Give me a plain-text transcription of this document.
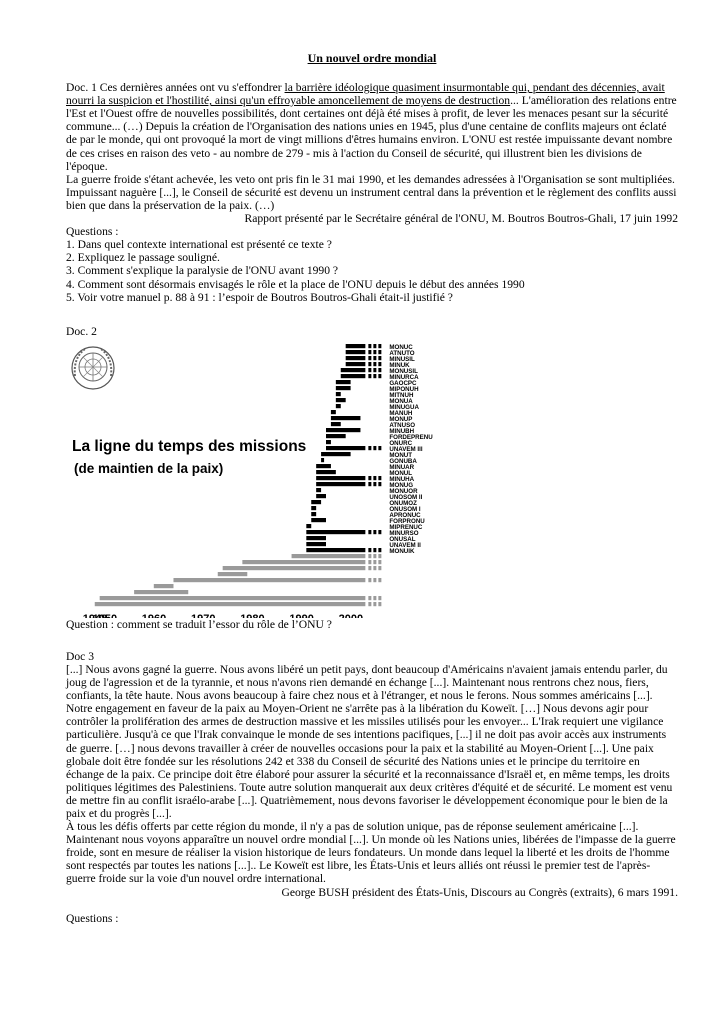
Un nouvel ordre mondial

Doc. 1 Ces dernières années ont vu s'effondrer la barrière idéologique quasiment insurmontable qui, pendant des décennies, avait nourri la suspicion et l'hostilité, ainsi qu'un effroyable amoncellement de moyens de destruction... L'amélioration des relations entre l'Est et l'Ouest offre de nouvelles possibilités, dont certaines ont déjà été mises à profit, de lever les menaces pesant sur la sécurité commune... (…) Depuis la création de l'Organisation des nations unies en 1945, plus d'une centaine de conflits majeurs ont éclaté de par le monde, qui ont provoqué la mort de vingt millions d'êtres humains environ. L'ONU est restée impuissante devant nombre de ces crises en raison des veto - au nombre de 279 - mis à l'action du Conseil de sécurité, qui illustrent bien les divisions de l'époque.

La guerre froide s'étant achevée, les veto ont pris fin le 31 mai 1990, et les demandes adressées à l'Organisation se sont multipliées. Impuissant naguère [...], le Conseil de sécurité est devenu un instrument central dans la prévention et le règlement des conflits aussi bien que dans la préservation de la paix. (…)

Rapport présenté par le Secrétaire général de l'ONU, M. Boutros Boutros-Ghali, 17 juin 1992

Questions :

1. Dans quel contexte international est présenté ce texte ?

2. Expliquez le passage souligné.

3. Comment s'explique la paralysie de l'ONU avant 1990 ?

4. Comment sont désormais envisagés le rôle et la place de l'ONU depuis le début des années 1990

5. Voir votre manuel p. 88 à 91 : l’espoir de Boutros Boutros-Ghali était-il justifié ?

Doc. 2

La ligne du temps des missions
(de maintien de la paix)
MONUC
ATNUTO
MINUSIL
MINUK
MONUSIL
MINURCA
GAOCPC
MIPONUH
MITNUH
MONUA
MINUGUA
MANUH
MONUP
ATNUSO
MINUBH
FORDEPRENU
ONURC
UNAVEM III
MONUT
GONUBA
MINUAR
MONUL
MINUHA
MONUG
MONUOR
UNOSOM II
ONUMOZ
ONUSOM I
APRONUC
FORPRONU
MIPRENUC
MINURSO
ONUSAL
UNAVEM II
MONUIK

Question : comment se traduit l’essor du rôle de l’ONU ?

Doc 3

[...] Nous avons gagné la guerre. Nous avons libéré un petit pays, dont beaucoup d'Américains n'avaient jamais entendu parler, du joug de l'agression et de la tyrannie, et nous n'avons rien demandé en échange [...]. Maintenant nous rentrons chez nous, fiers, confiants, la tête haute. Nous avons beaucoup à faire chez nous et à l'étranger, et nous le ferons. Nous sommes américains [...].

Notre engagement en faveur de la paix au Moyen-Orient ne s'arrête pas à la libération du Koweït. […] Nous devons agir pour contrôler la prolifération des armes de destruction massive et les missiles utilisés pour les envoyer... L'Irak requiert une vigilance particulière. Jusqu'à ce que l'Irak convainque le monde de ses intentions pacifiques, [...] il ne doit pas avoir accès aux instruments de guerre. […] nous devons travailler à créer de nouvelles occasions pour la paix et la stabilité au Moyen-Orient [...]. Une paix globale doit être fondée sur les résolutions 242 et 338 du Conseil de sécurité des Nations unies et le principe du territoire en échange de la paix. Ce principe doit être élaboré pour assurer la sécurité et la reconnaissance d'Israël et, en même temps, les droits politiques légitimes des Palestiniens. Toute autre solution manquerait aux deux critères d'équité et de sécurité. Le moment est venu de mettre fin au conflit israélo-arabe [...]. Quatrièmement, nous devons favoriser le développement économique pour le bien de la paix et du progrès [...].

À tous les défis offerts par cette région du monde, il n'y a pas de solution unique, pas de réponse seulement américaine [...]. Maintenant nous voyons apparaître un nouvel ordre mondial [...]. Un monde où les Nations unies, libérées de l'impasse de la guerre froide, sont en mesure de réaliser la vision historique de leurs fondateurs. Un monde dans lequel la liberté et les droits de l'homme sont respectés par toutes les nations [...].. Le Koweït est libre, les États-Unis et leurs alliés ont réussi le premier test de l'après-guerre froide sur la voie d'un nouvel ordre international.

George BUSH président des États-Unis, Discours au Congrès (extraits), 6 mars 1991.

Questions :
